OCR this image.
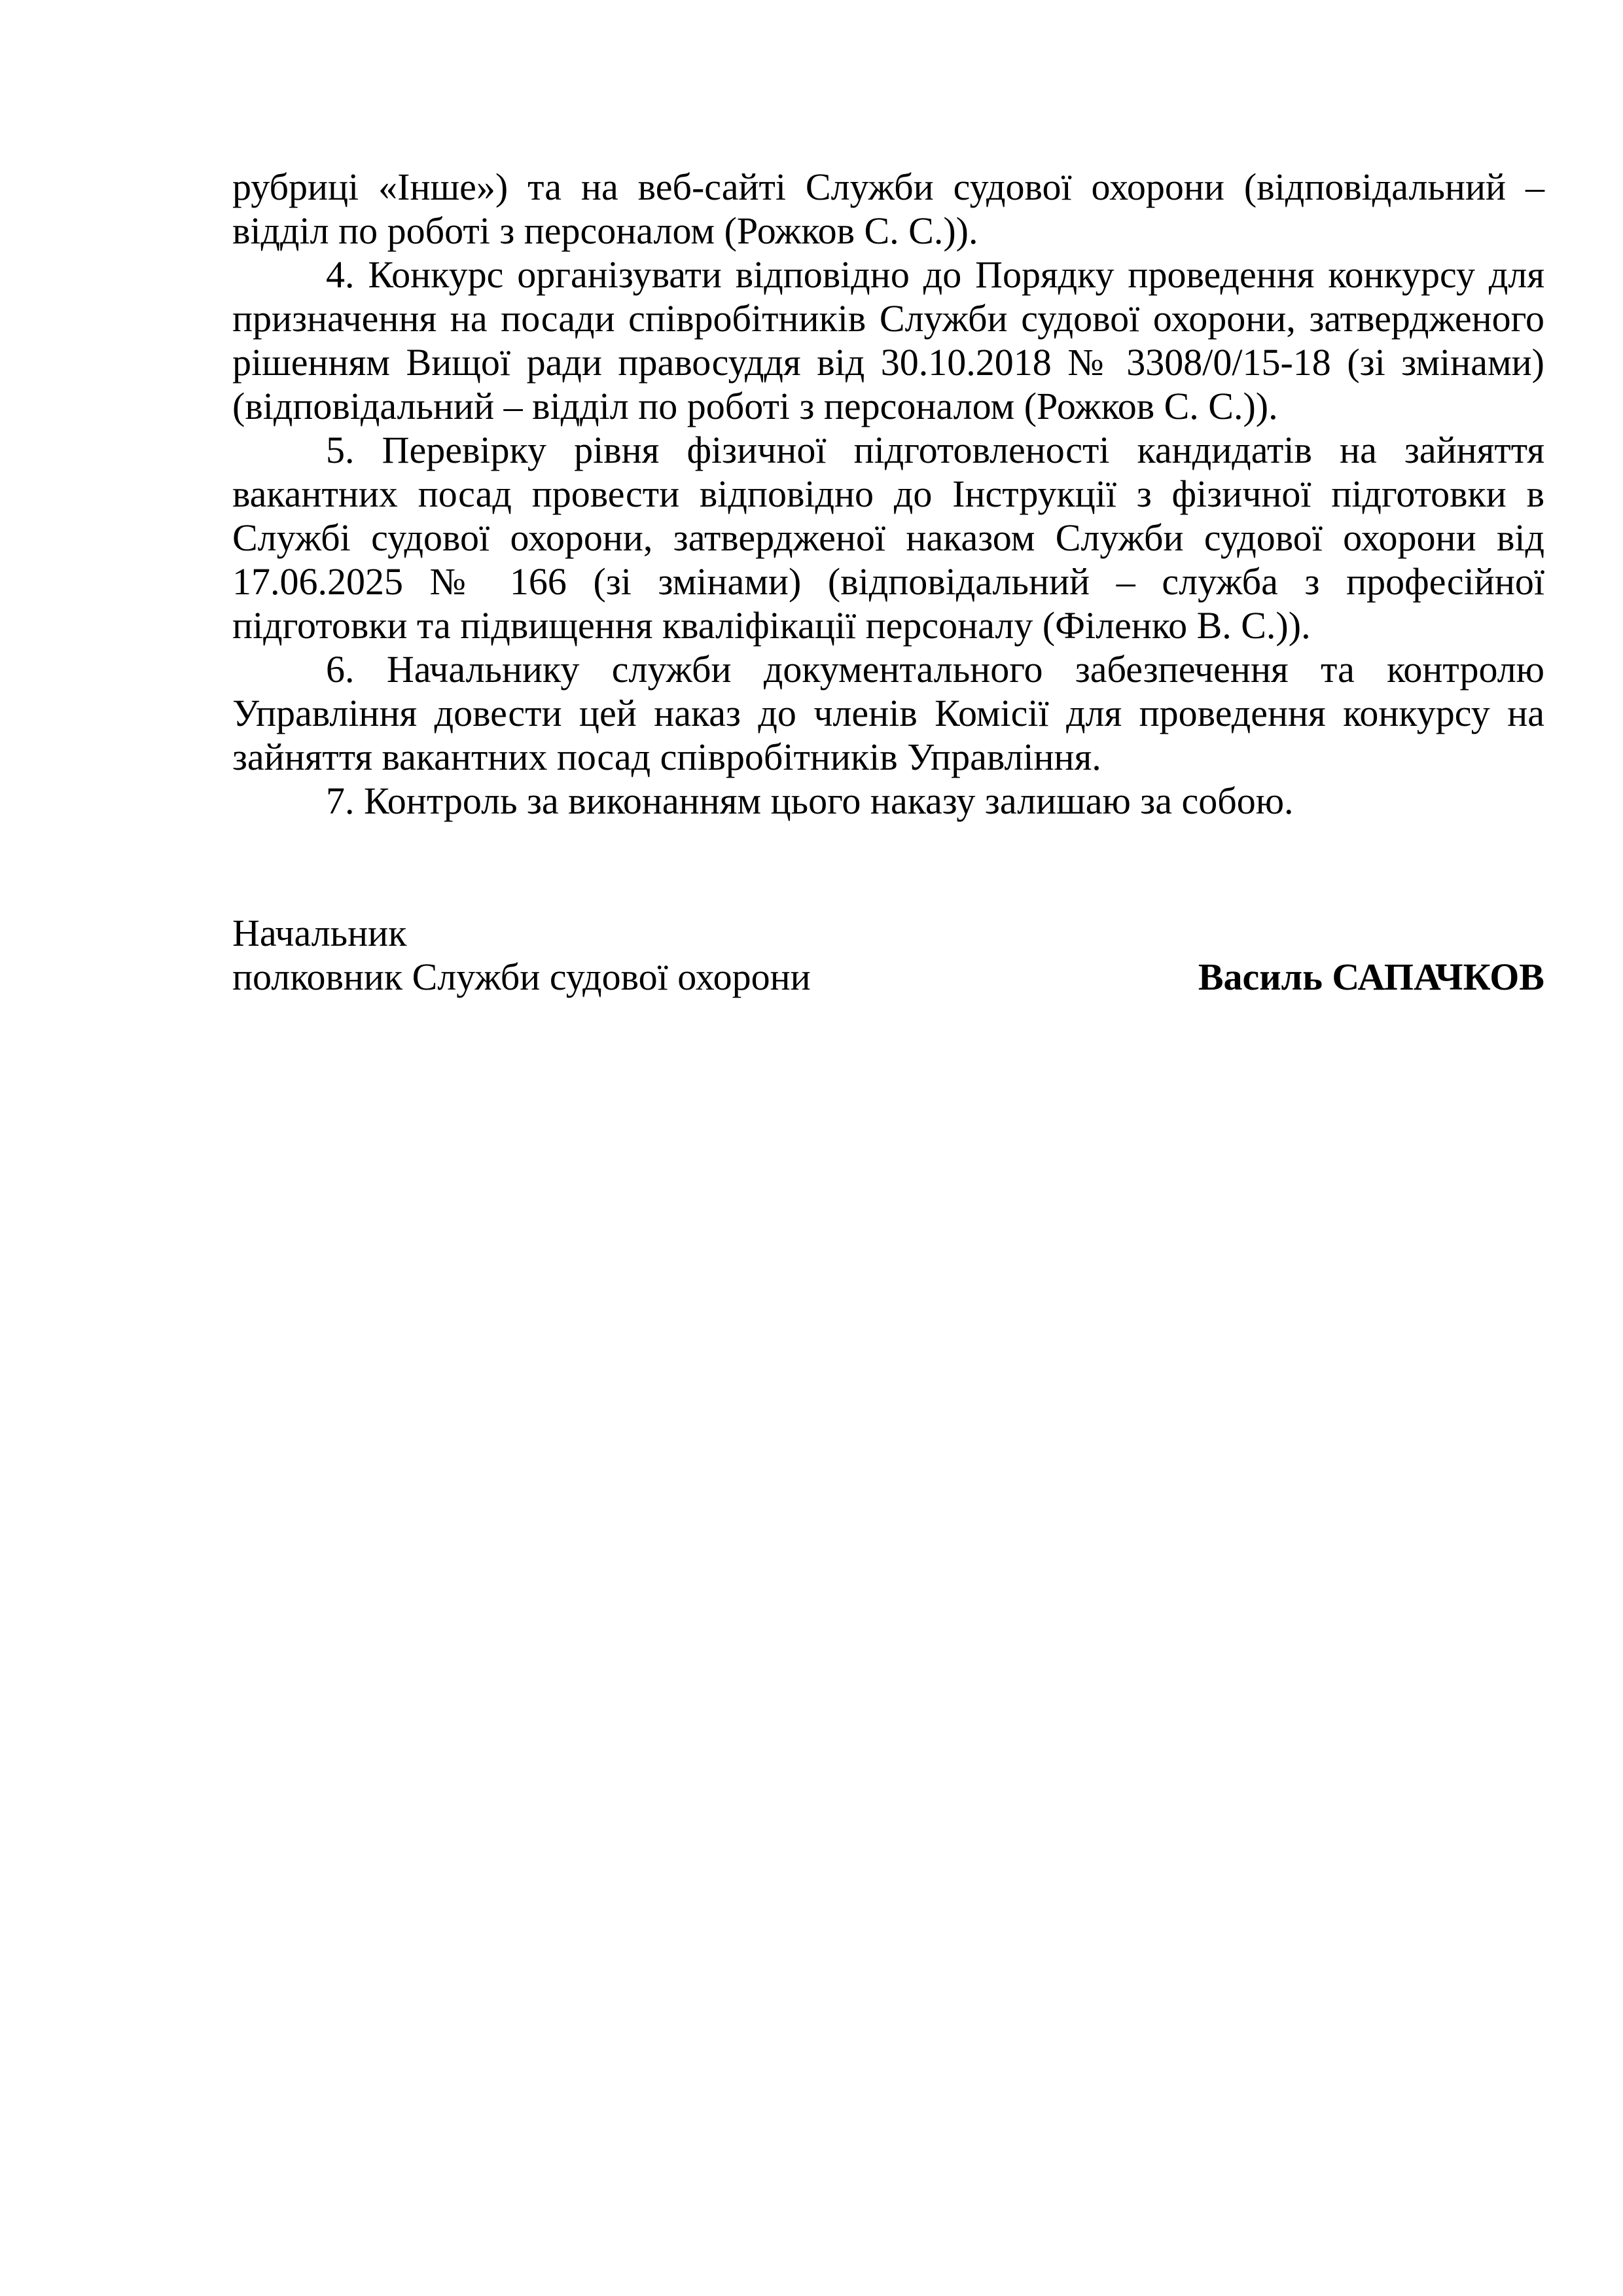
рубриці «Інше») та на веб-сайті Служби судової охорони (відповідальний –

відділ по роботі з персоналом (Рожков С. С.)).

4. Конкурс організувати відповідно до Порядку проведення конкурсу для

призначення на посади співробітників Служби судової охорони, затвердженого

рішенням Вищої ради правосуддя від 30.10.2018 № 3308/0/15-18 (зі змінами)

(відповідальний – відділ по роботі з персоналом (Рожков С. С.)).

5. Перевірку рівня фізичної підготовленості кандидатів на зайняття

вакантних посад провести відповідно до Інструкції з фізичної підготовки в

Службі судової охорони, затвердженої наказом Служби судової охорони від

17.06.2025 № 166 (зі змінами) (відповідальний – служба з професійної

підготовки та підвищення кваліфікації персоналу (Філенко В. С.)).

6. Начальнику служби документального забезпечення та контролю

Управління довести цей наказ до членів Комісії для проведення конкурсу на

зайняття вакантних посад співробітників Управління.

7. Контроль за виконанням цього наказу залишаю за собою.

Начальник

полковник Служби судової охорони	Василь САПАЧКОВ
